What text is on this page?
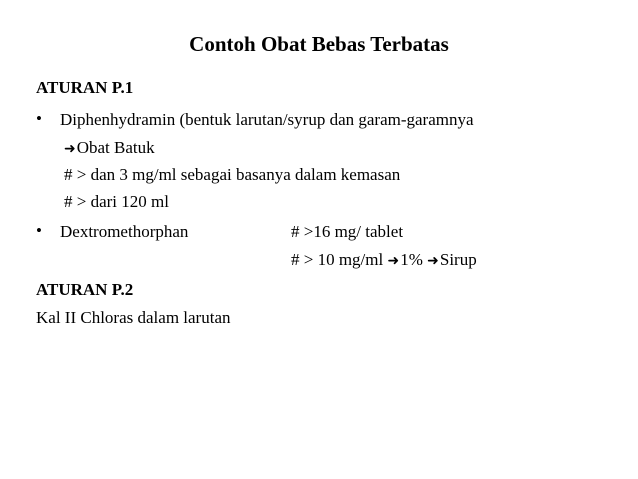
Contoh Obat Bebas Terbatas
ATURAN P.1
• Diphenhydramin (bentuk larutan/syrup dan garam-garamnya
➜Obat Batuk
# > dan 3 mg/ml sebagai basanya dalam kemasan
# > dari 120 ml
• Dextromethorphan	# >16 mg/ tablet
# > 10 mg/ml ➜1% ➜Sirup
ATURAN P.2
Kal II Chloras dalam larutan
